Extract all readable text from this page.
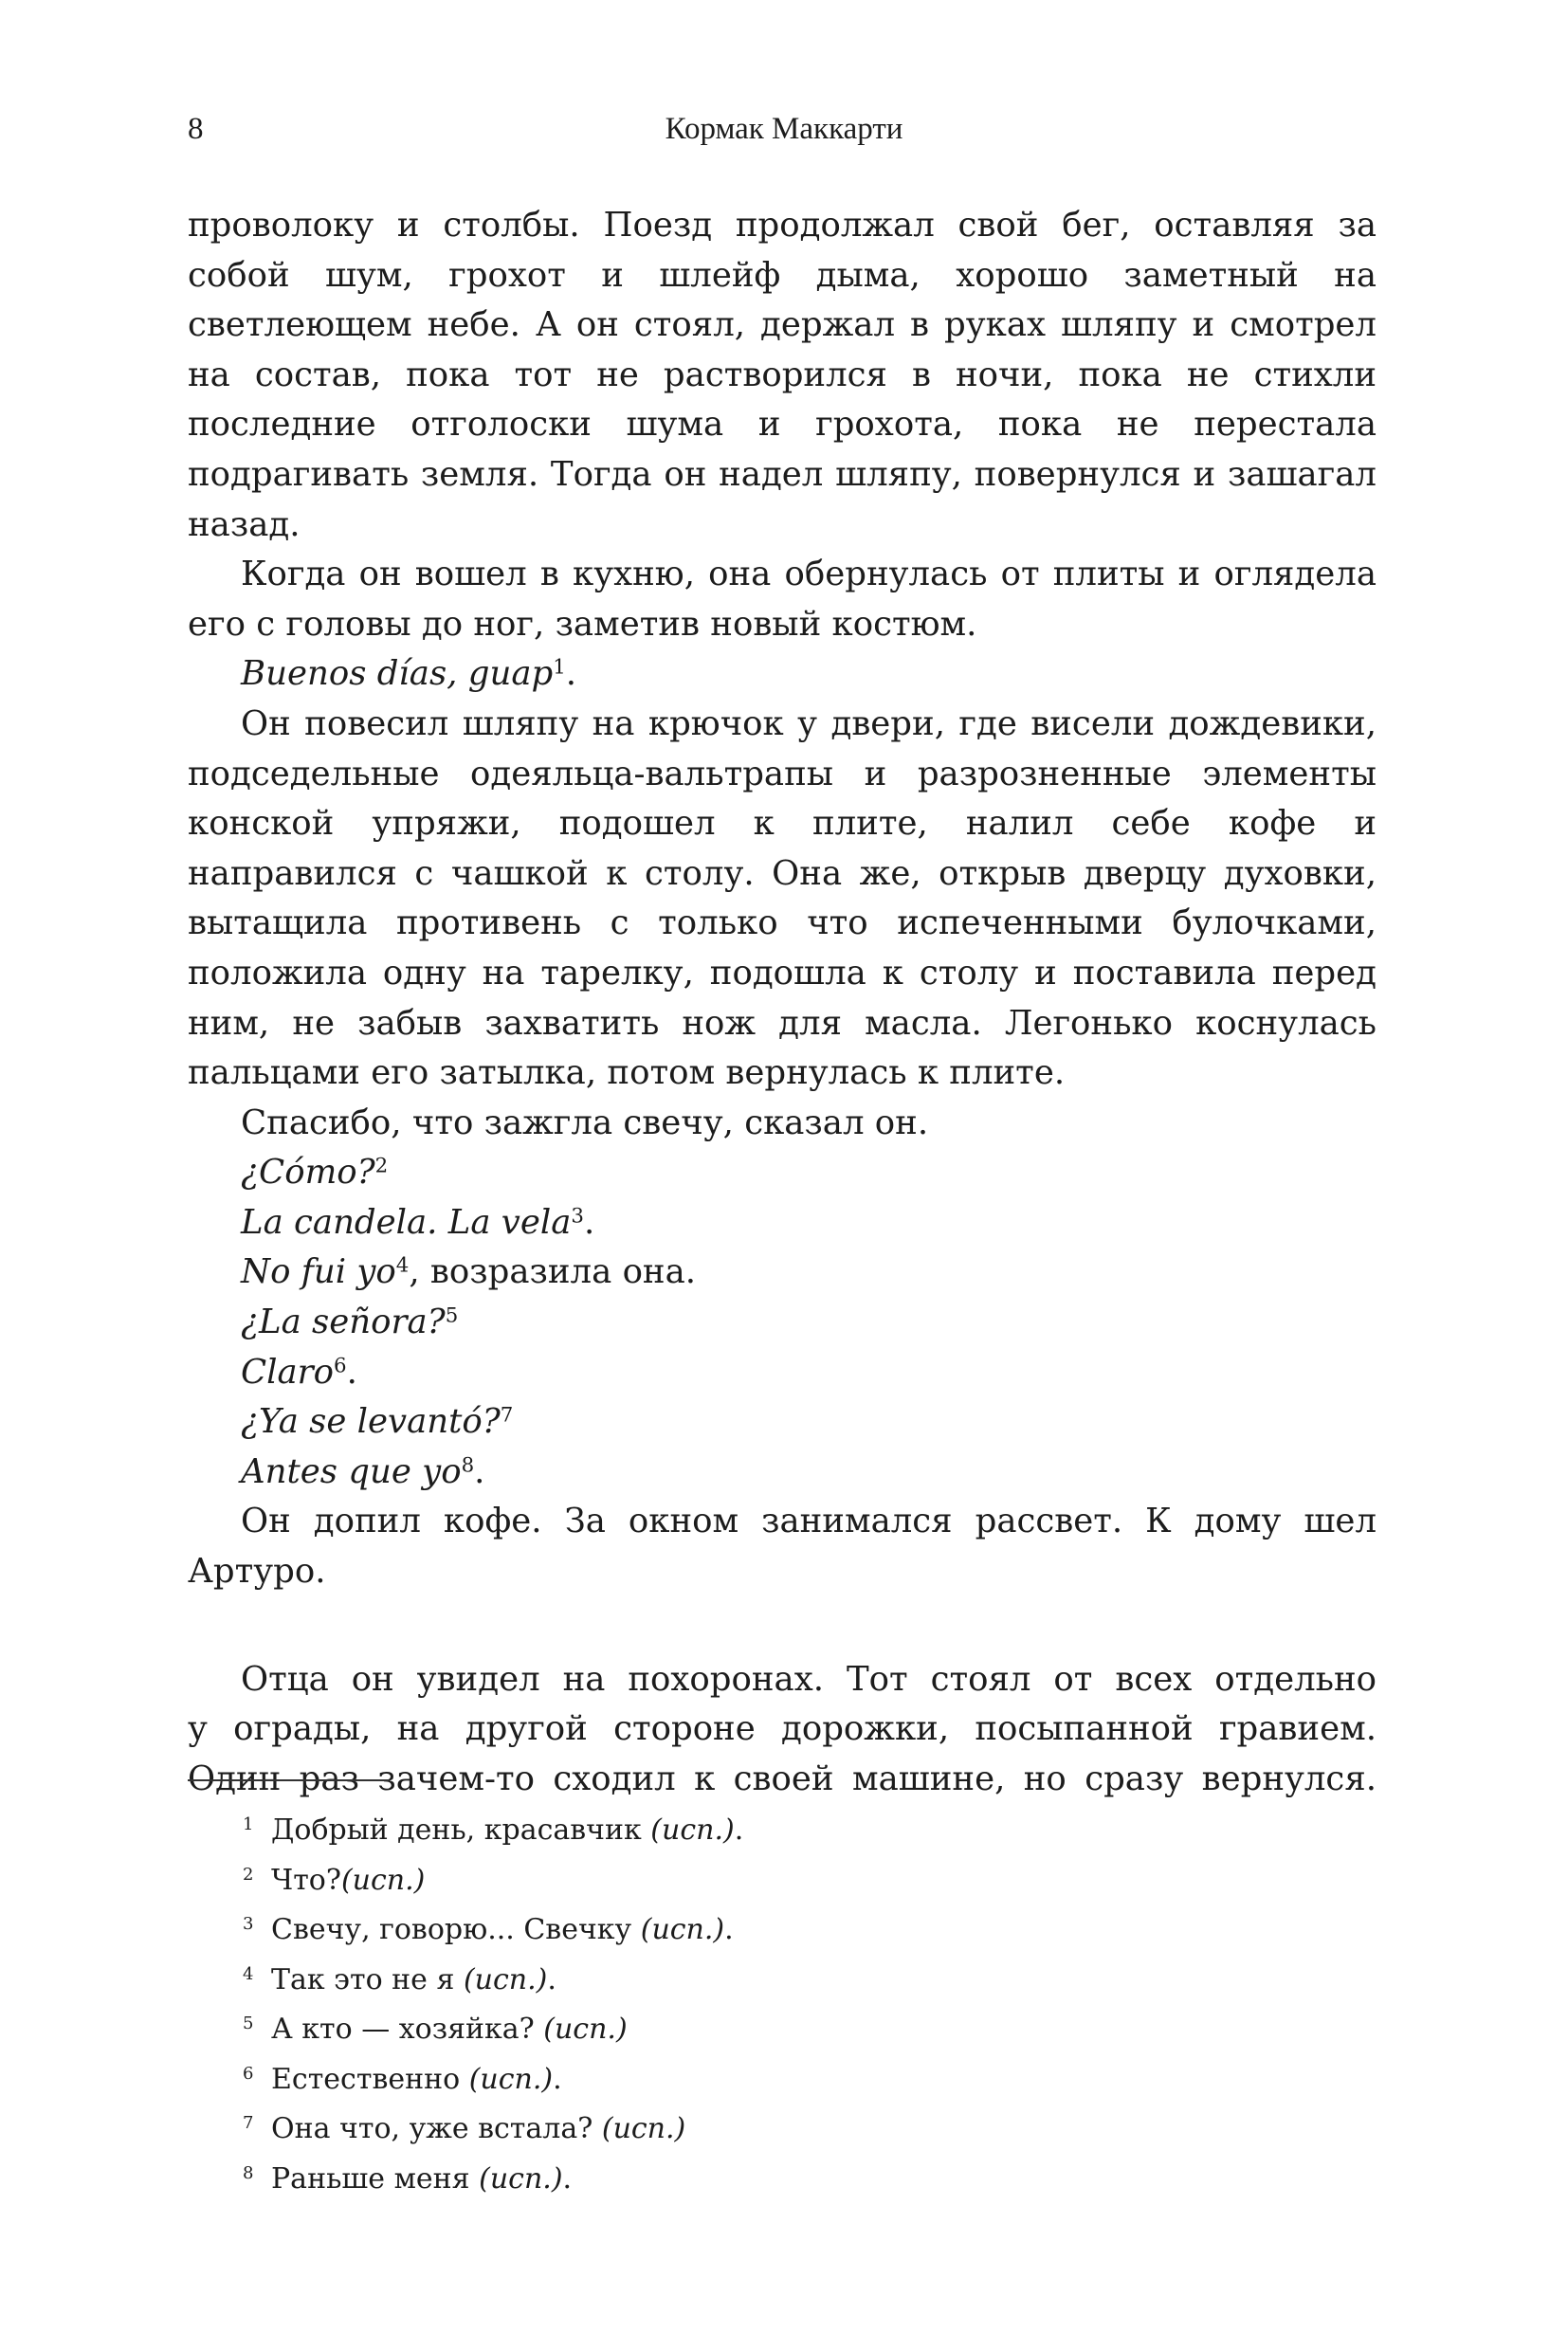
8	Кормак Маккарти

проволоку и столбы. Поезд продолжал свой бег, оставляя за собой шум, грохот и шлейф дыма, хорошо заметный на светлеющем небе. А он стоял, держал в руках шляпу и смотрел на состав, пока тот не растворился в ночи, пока не стихли последние отголоски шума и грохота, пока не перестала подрагивать земля. Тогда он надел шляпу, повернулся и зашагал назад.

Когда он вошел в кухню, она обернулась от плиты и оглядела его с головы до ног, заметив новый костюм.

Buenos días, guap$^1$.

Он повесил шляпу на крючок у двери, где висели дождевики, подседельные одеяльца-вальтрапы и разрозненные элементы конской упряжи, подошел к плите, налил себе кофе и направился с чашкой к столу. Она же, открыв дверцу духовки, вытащила противень с только что испеченными булочками, положила одну на тарелку, подошла к столу и поставила перед ним, не забыв захватить нож для масла. Легонько коснулась пальцами его затылка, потом вернулась к плите.

Спасибо, что зажгла свечу, сказал он.

¿Cómo?$^2$

La candela. La vela$^3$.

No fui $yo^4$, возразила она.

¿La señora?$^5$

Claro$^6$.

¿Ya se levantó?$^7$

Antes que $yo^8$.

Он допил кофе. За окном занимался рассвет. К дому шел Артуро.

Отца он увидел на похоронах. Тот стоял от всех отдельно
у ограды, на другой стороне дорожки, посыпанной гравием.
Один раз зачем-то сходил к своей машине, но сразу вернулся.

1 Добрый день, красавчик (исп.).
2 Что?(исп.)
3 Свечу, говорю... Свечку (исп.).
4 Так это не я (исп.).
5 А кто — хозяйка? (исп.)
6 Естественно (исп.).
7 Она что, уже встала? (исп.)
8 Раньше меня (исп.).
